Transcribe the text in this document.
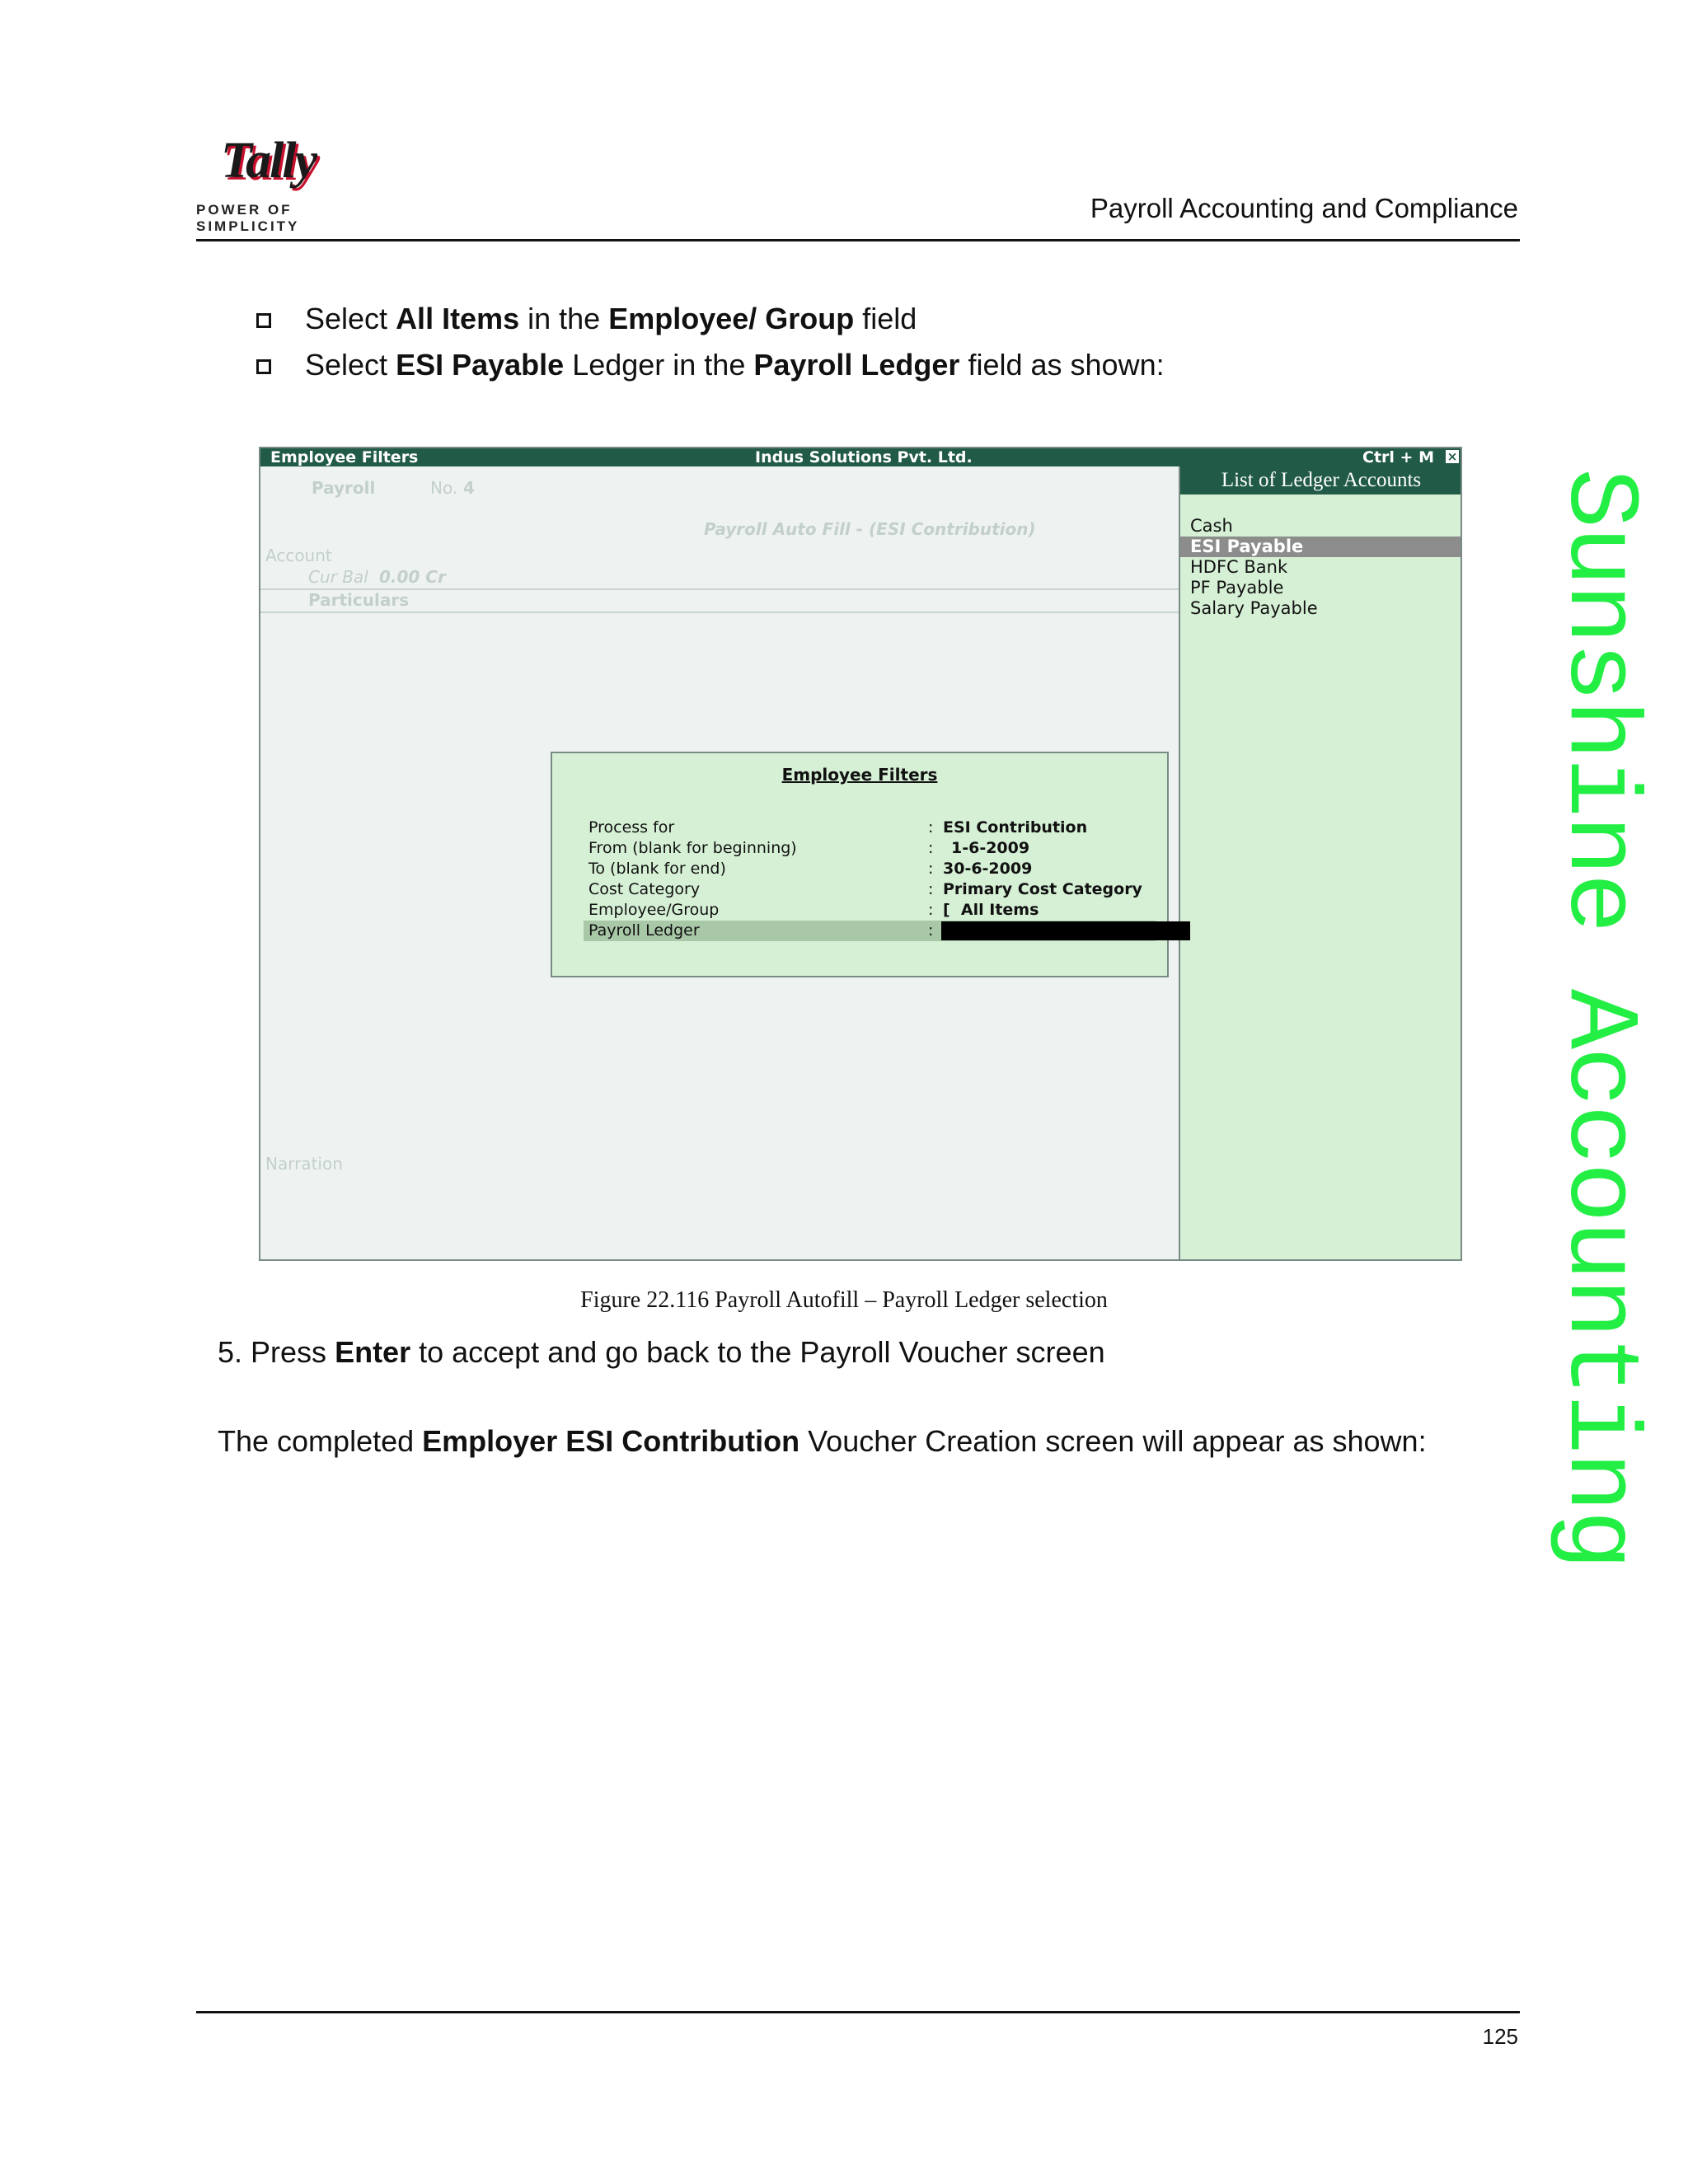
Tally
POWER OF SIMPLICITY
Payroll Accounting and Compliance
Select All Items in the Employee/ Group field
Select ESI Payable Ledger in the Payroll Ledger field as shown:
Employee Filters	Indus Solutions Pvt. Ltd.	Ctrl + M ×
Payroll	No. 4
Payroll Auto Fill - (ESI Contribution)
Account
Cur Bal 0.00 Cr
Particulars
Narration
List of Ledger Accounts
Cash
ESI Payable
HDFC Bank
PF Payable
Salary Payable
Employee Filters
Process for	: ESI Contribution
From (blank for beginning)	: 1-6-2009
To (blank for end)	: 30-6-2009
Cost Category	: Primary Cost Category
Employee/Group	: [  All Items
Payroll Ledger	:
Figure 22.116 Payroll Autofill – Payroll Ledger selection
5. Press Enter to accept and go back to the Payroll Voucher screen
The completed Employer ESI Contribution Voucher Creation screen will appear as shown: Sunshine Accounting
125
